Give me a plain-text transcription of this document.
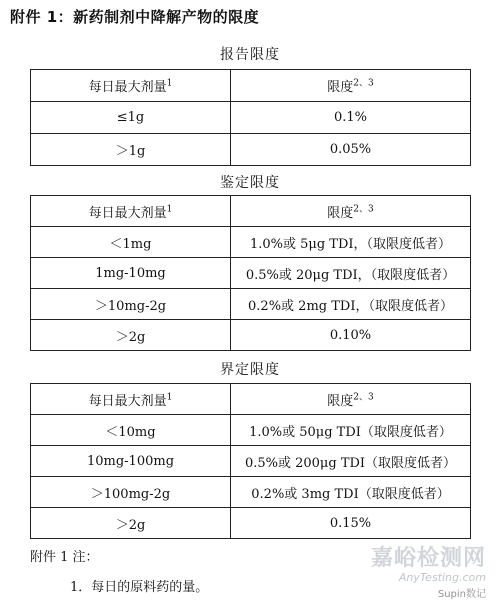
附件 1：新药制剂中降解产物的限度
报告限度
每日最大剂量$^1$	限度$^{2、3}$
≤1g	0.1%
＞1g	0.05%
鉴定限度
每日最大剂量$^1$	限度$^{2、3}$
＜1mg	1.0%或 5μg TDI，（取限度低者）
1mg-10mg	0.5%或 20μg TDI，（取限度低者）
＞10mg-2g	0.2%或 2mg TDI，（取限度低者）
＞2g	0.10%
界定限度
每日最大剂量$^1$	限度$^{2、3}$
＜10mg	1.0%或 50μg TDI（取限度低者）
10mg-100mg	0.5%或 200μg TDI（取限度低者）
＞100mg-2g	0.2%或 3mg TDI（取限度低者）
＞2g	0.15%
附件 1 注：
1．每日的原料药的量。
嘉峪检测网
AnyTesting.com
Supin数记
